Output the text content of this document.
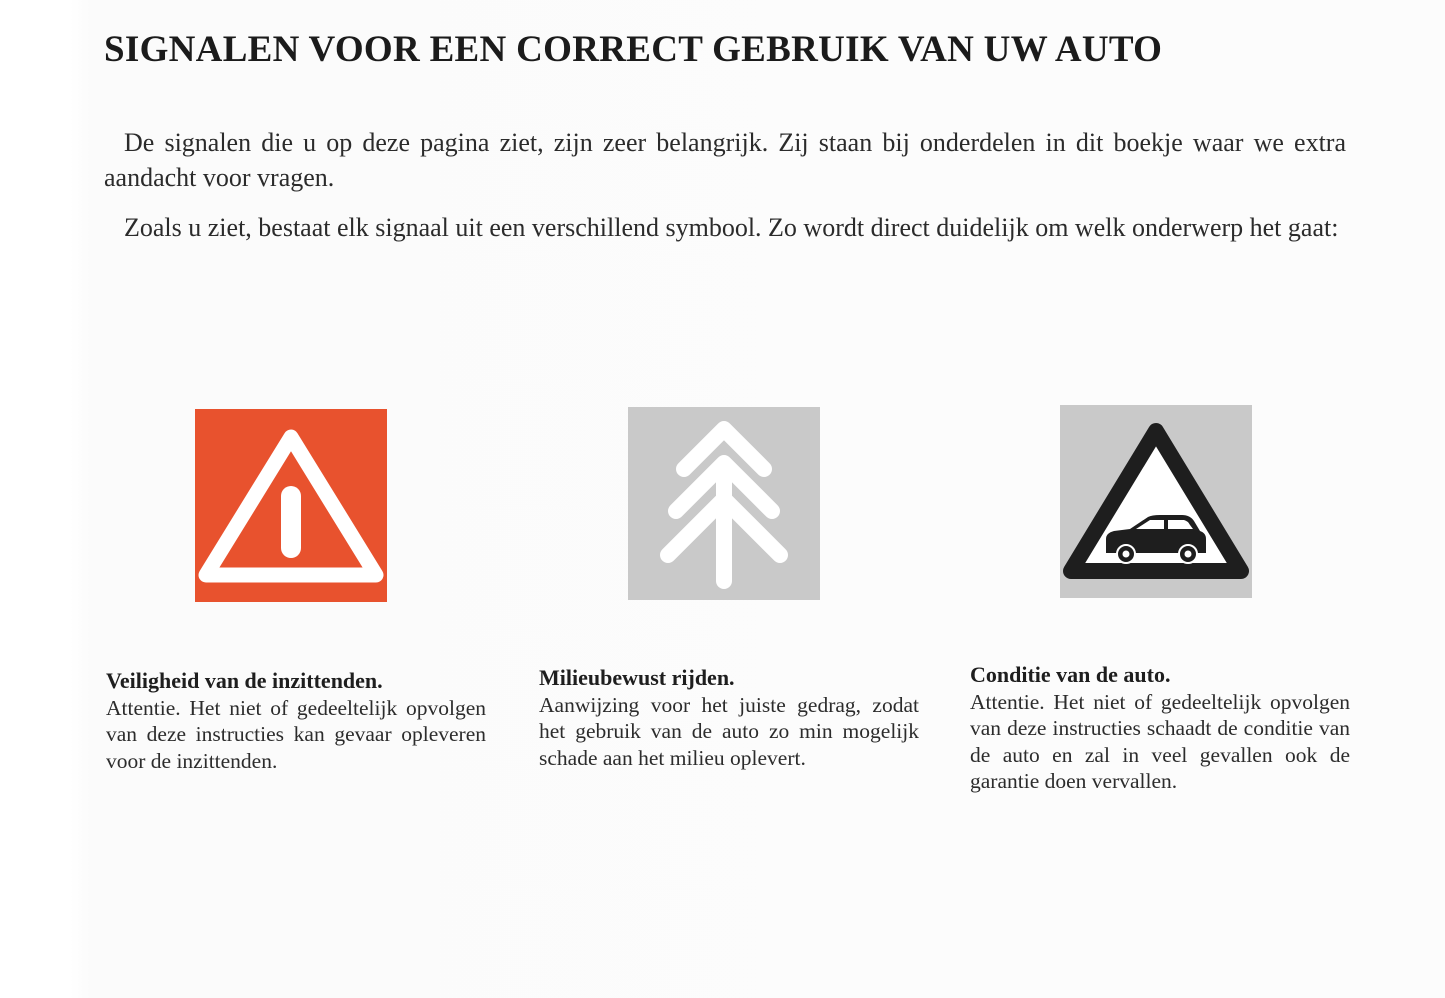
SIGNALEN VOOR EEN CORRECT GEBRUIK VAN UW AUTO

De signalen die u op deze pagina ziet, zijn zeer belangrijk. Zij staan bij onderdelen in dit boekje waar we extra aandacht voor vragen.

Zoals u ziet, bestaat elk signaal uit een verschillend symbool. Zo wordt direct duidelijk om welk onderwerp het gaat:

Veiligheid van de inzittenden.
Attentie. Het niet of gedeeltelijk opvolgen van deze instructies kan gevaar opleveren voor de inzittenden.
Milieubewust rijden.
Aanwijzing voor het juiste gedrag, zodat het gebruik van de auto zo min mogelijk schade aan het milieu oplevert.
Conditie van de auto.
Attentie. Het niet of gedeeltelijk opvolgen van deze instructies schaadt de conditie van de auto en zal in veel gevallen ook de garantie doen vervallen.
